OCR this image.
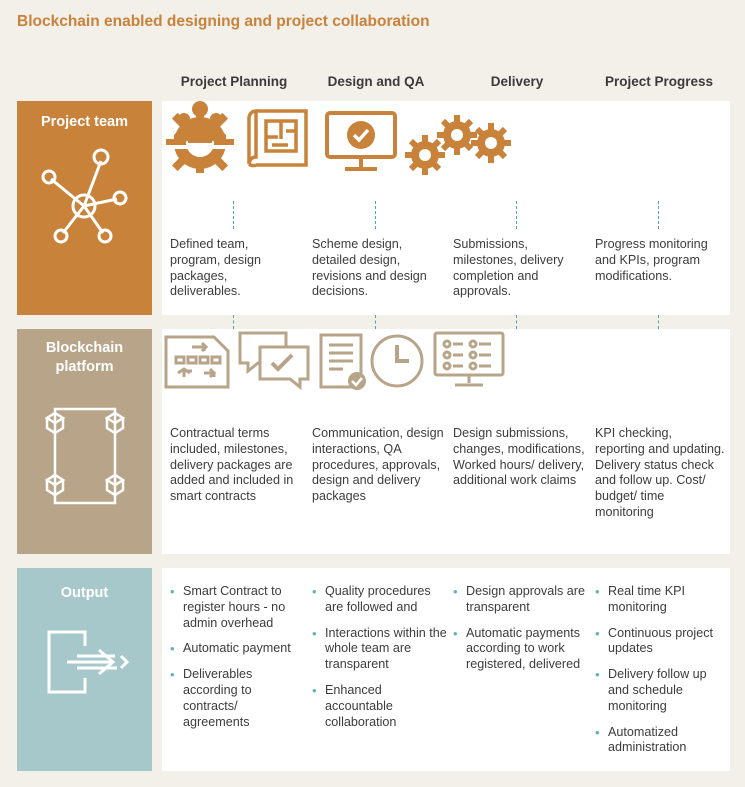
Blockchain enabled designing and project collaboration
Project Planning	Design and QA	Delivery	Project Progress
Project team

Defined team, program, design packages, deliverables.

Scheme design, detailed design, revisions and design decisions.

Submissions, milestones, delivery completion and approvals.
Progress monitoring and KPIs, program modifications.
Blockchain platform

Contractual terms included, milestones, delivery packages are added and included in smart contracts

Communication, design interactions, QA procedures, approvals, design and delivery packages

Design submissions, changes, modifications, Worked hours/ delivery, additional work claims
KPI checking, reporting and updating. Delivery status check and follow up. Cost/ budget/ time monitoring
Output
•	Smart Contract to register hours - no admin overhead
• Automatic payment
• Deliverables according to contracts/ agreements
• Quality procedures are followed and
• Interactions within the whole team are transparent
• Enhanced accountable collaboration
• Design approvals are transparent
• Automatic payments according to work registered, delivered
• Real time KPI monitoring
• Continuous project updates
• Delivery follow up and schedule monitoring
• Automatized administration
